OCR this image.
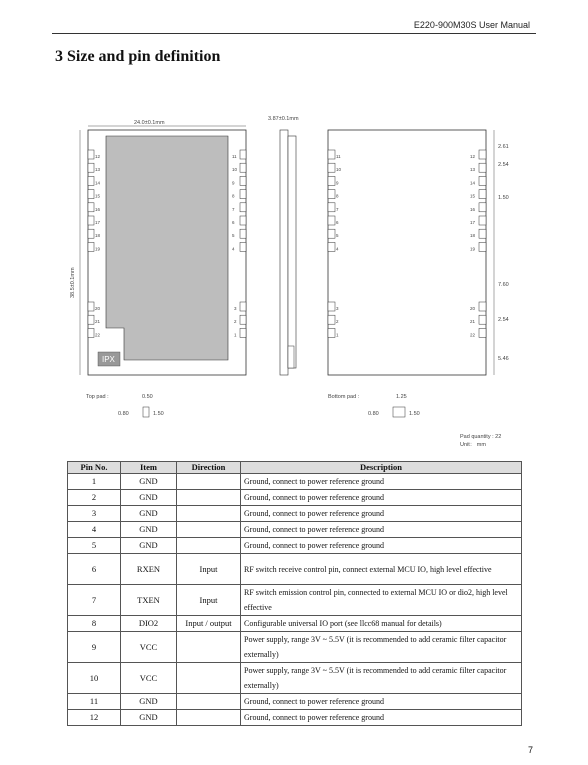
E220-900M30S User Manual
3 Size and pin definition
24.0±0.1mm
IPX
12
13
14
15
16
17
18
19
20
21
22
11
10
9
8
7
6
5
4
3
2
1
38.5±0.1mm
3.87±0.1mm
11
10
9
8
7
6
5
4
3
2
1
12
13
14
15
16
17
18
19
20
21
22
2.61
2.54
1.50
7.60
2.54
5.46
Top pad :	0.50
0.80	1.50
Bottom pad :	1.25
0.80	1.50
Pad quantity : 22
Unit： mm
Pin No.	Item	Direction	Description
1	GND		Ground, connect to power reference ground
2	GND		Ground, connect to power reference ground
3	GND		Ground, connect to power reference ground
4	GND		Ground, connect to power reference ground
5	GND		Ground, connect to power reference ground
6	RXEN	Input	RF switch receive control pin, connect external MCU IO, high level effective
7	TXEN	Input	RF switch emission control pin, connected to external MCU IO or dio2, high level effective
8	DIO2	Input / output	Configurable universal IO port (see llcc68 manual for details)
9	VCC		Power supply, range 3V ~ 5.5V (it is recommended to add ceramic filter capacitor externally)
10	VCC		Power supply, range 3V ~ 5.5V (it is recommended to add ceramic filter capacitor externally)
11	GND		Ground, connect to power reference ground
12	GND		Ground, connect to power reference ground
7
